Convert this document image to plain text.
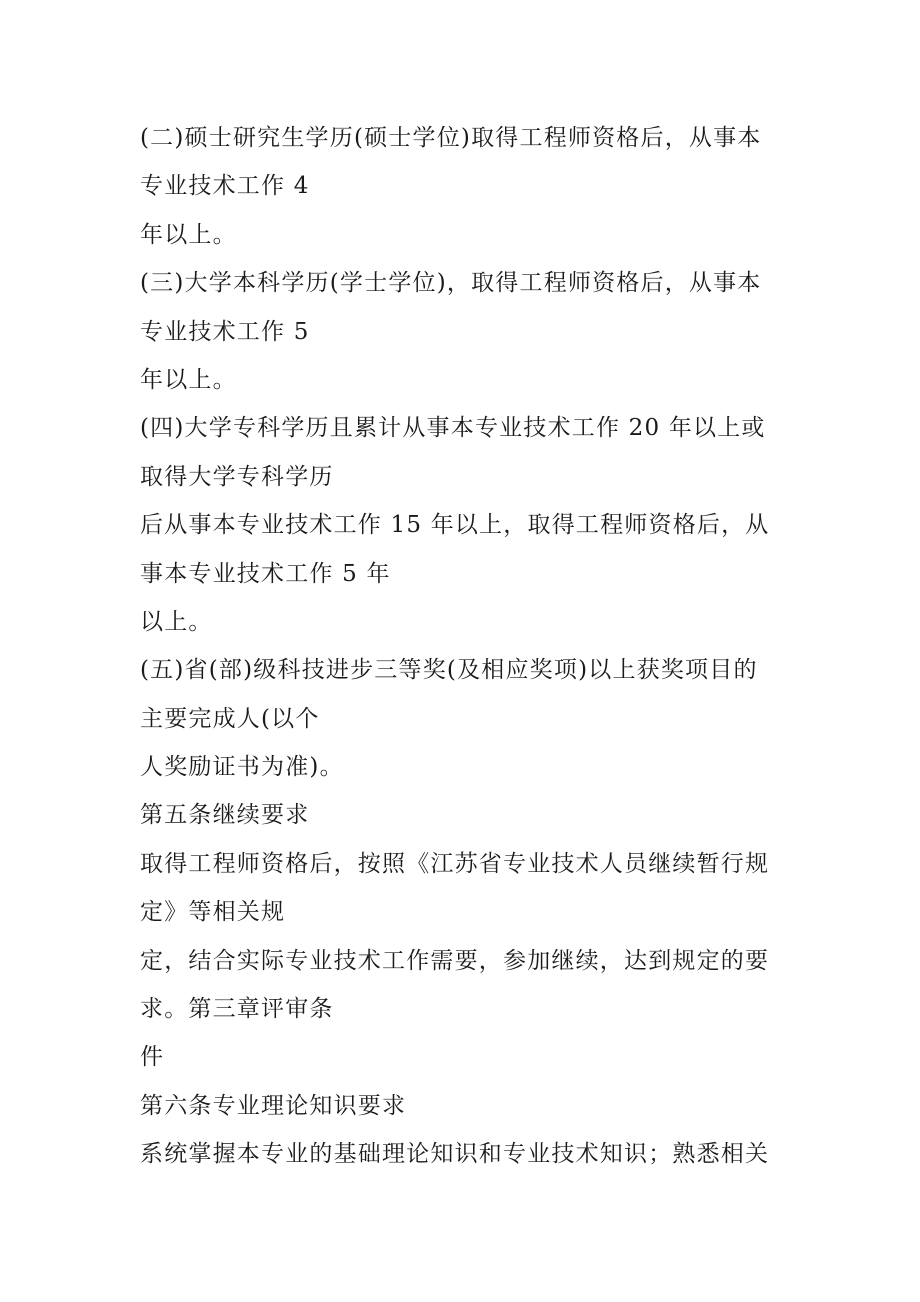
(二)硕士研究生学历(硕士学位)取得工程师资格后，从事本
专业技术工作 4
年以上。
(三)大学本科学历(学士学位)，取得工程师资格后，从事本
专业技术工作 5
年以上。
(四)大学专科学历且累计从事本专业技术工作 20 年以上或
取得大学专科学历
后从事本专业技术工作 15 年以上，取得工程师资格后，从
事本专业技术工作 5 年
以上。
(五)省(部)级科技进步三等奖(及相应奖项)以上获奖项目的
主要完成人(以个
人奖励证书为准)。
第五条继续要求
取得工程师资格后，按照《江苏省专业技术人员继续暂行规
定》等相关规
定，结合实际专业技术工作需要，参加继续，达到规定的要
求。第三章评审条
件
第六条专业理论知识要求
系统掌握本专业的基础理论知识和专业技术知识；熟悉相关
